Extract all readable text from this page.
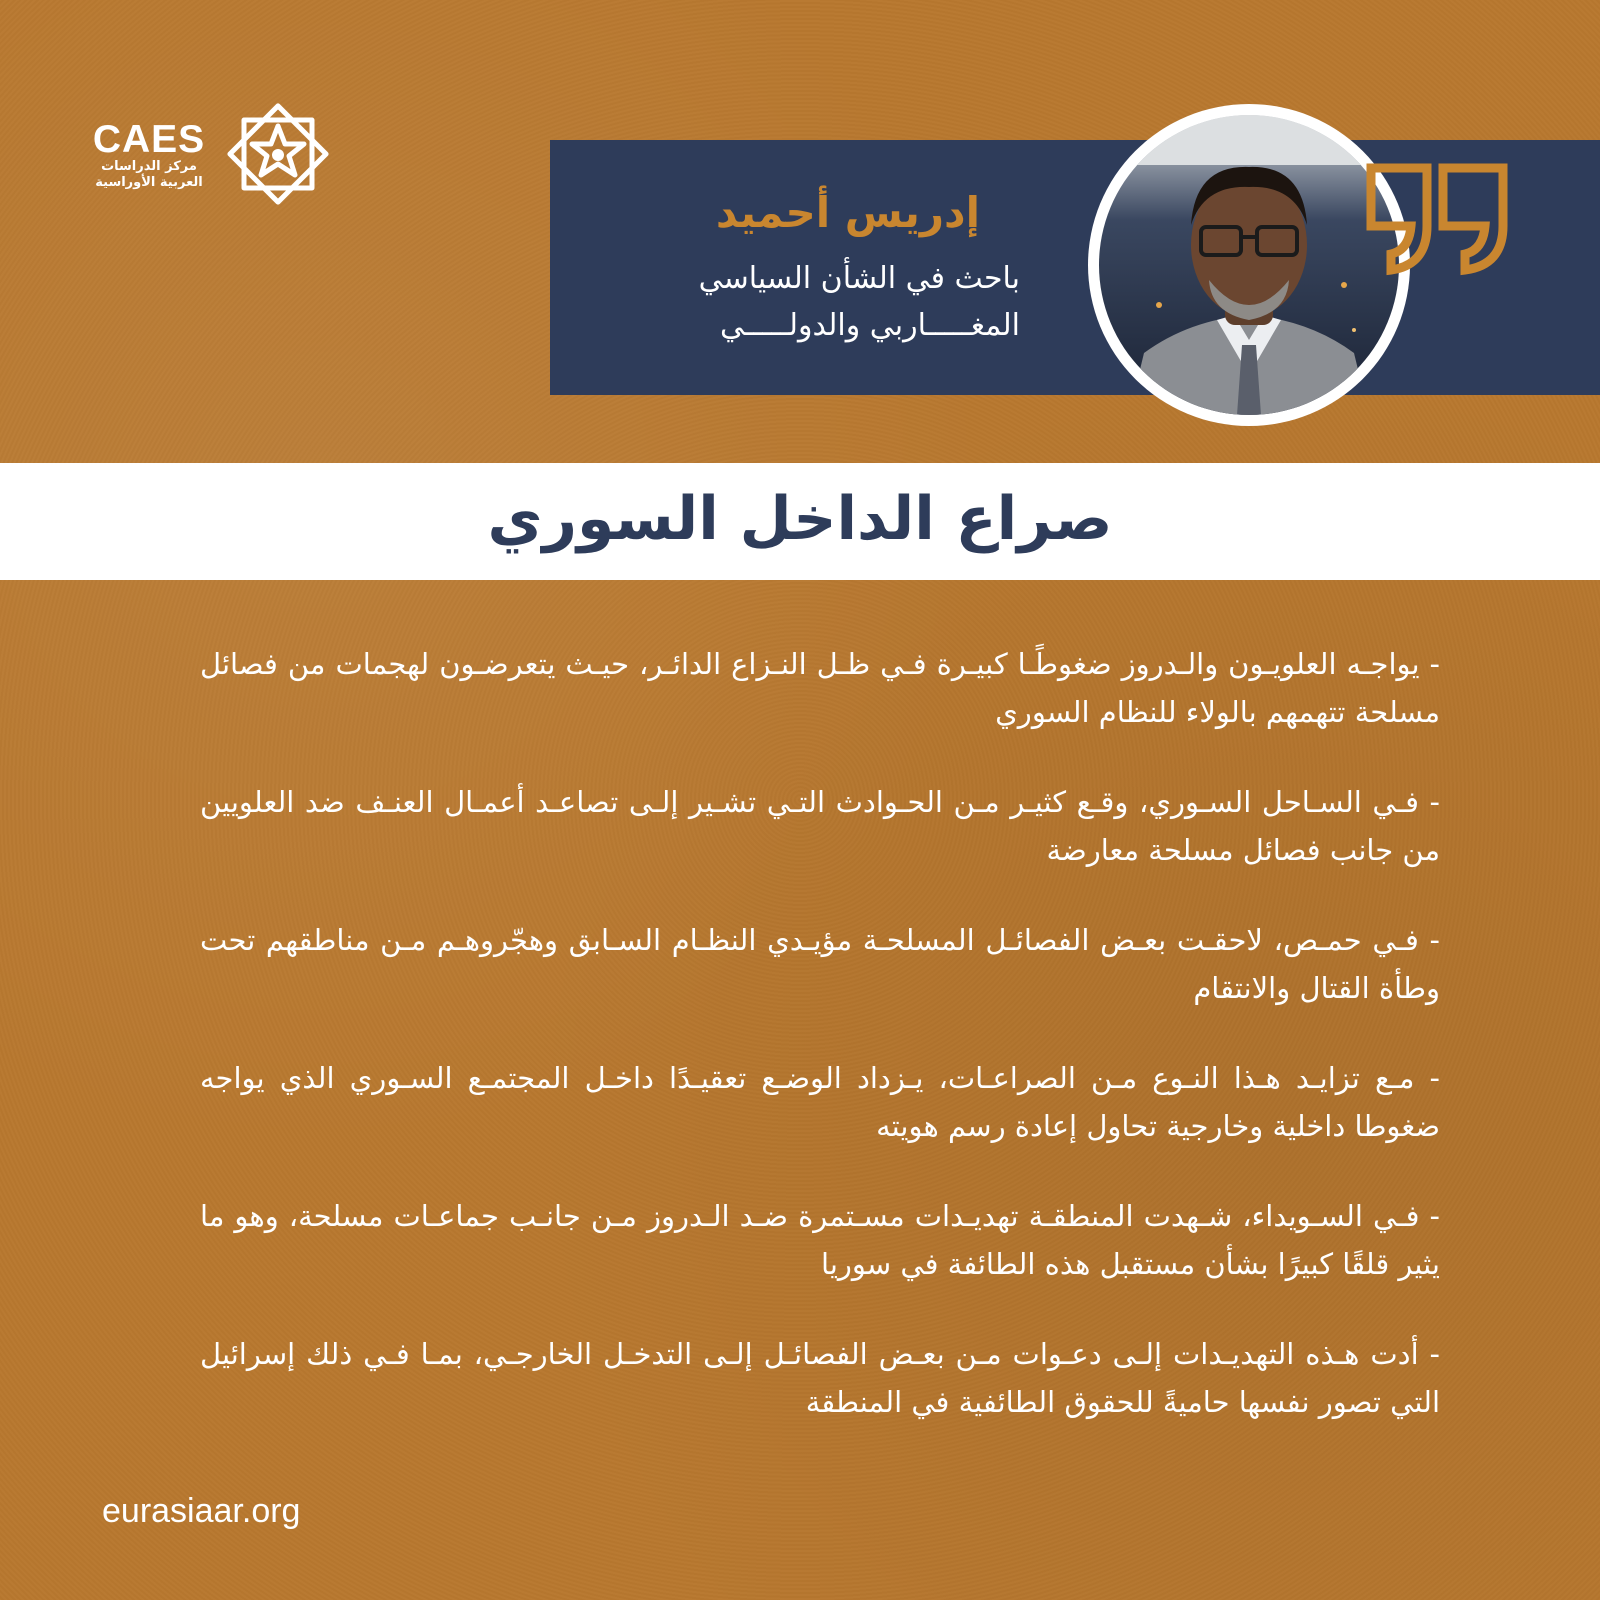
CAES
مركز الدراسات
العربية الأوراسية
إدريس أحميد
باحث في الشأن السياسي
المغـــــاربي والدولـــــي
صراع الداخل السوري

- يواجـه العلويـون والـدروز ضغوطًـا كبيـرة فـي ظـل النـزاع الدائـر، حيـث يتعرضـون لهجمات من فصائل مسلحة تتهمهم بالولاء للنظام السوري

- فـي السـاحل السـوري، وقـع كثيـر مـن الحـوادث التـي تشـير إلـى تصاعـد أعمـال العنـف ضد العلويين من جانب فصائل مسلحة معارضة

- فـي حمـص، لاحقـت بعـض الفصائـل المسلحـة مؤيـدي النظـام السـابق وهجّروهـم مـن مناطقهم تحت وطأة القتال والانتقام

- مـع تزايـد هـذا النـوع مـن الصراعـات، يـزداد الوضـع تعقيـدًا داخـل المجتمـع السـوري الذي يواجه ضغوطا داخلية وخارجية تحاول إعادة رسم هويته

- فـي السـويداء، شـهدت المنطقـة تهديـدات مسـتمرة ضـد الـدروز مـن جانـب جماعـات مسلحة، وهو ما يثير قلقًا كبيرًا بشأن مستقبل هذه الطائفة في سوريا

- أدت هـذه التهديـدات إلـى دعـوات مـن بعـض الفصائـل إلـى التدخـل الخارجـي، بمـا فـي ذلك إسرائيل التي تصور نفسها حاميةً للحقوق الطائفية في المنطقة

eurasiaar.org
